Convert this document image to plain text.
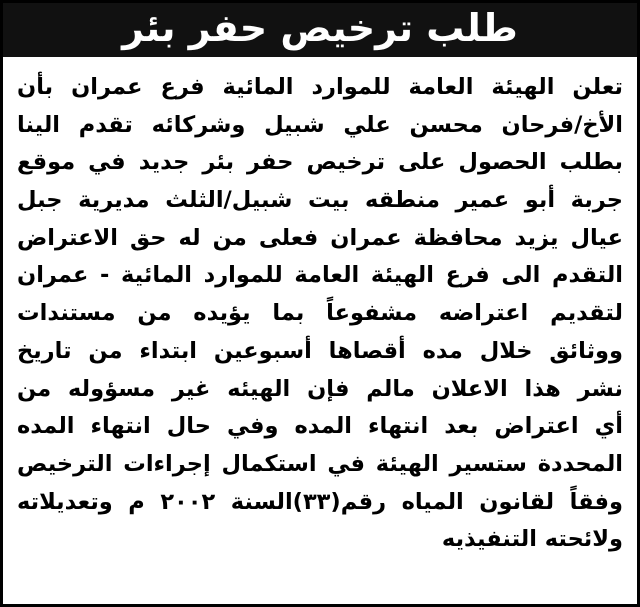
طلب ترخيص حفر بئر
تعلن الهيئة العامة للموارد المائية فرع عمران بأن
الأخ/فرحان محسن علي شبيل وشركائه تقدم الينا
بطلب الحصول على ترخيص حفر بئر جديد في موقع
جربة أبو عمير منطقه بيت شبيل/الثلث مديرية جبل
عيال يزيد محافظة عمران فعلى من له حق الاعتراض
التقدم الى فرع الهيئة العامة للموارد المائية - عمران
لتقديم اعتراضه مشفوعاً بما يؤيده من مستندات
ووثائق خلال مده أقصاها أسبوعين ابتداء من تاريخ
نشر هذا الاعلان مالم فإن الهيئه غير مسؤوله من
أي اعتراض بعد انتهاء المده وفي حال انتهاء المده
المحددة ستسير الهيئة في استكمال إجراءات الترخيص
وفقاً لقانون المياه رقم(٣٣)السنة ٢٠٠٢ م وتعديلاته
ولائحته التنفيذيه
